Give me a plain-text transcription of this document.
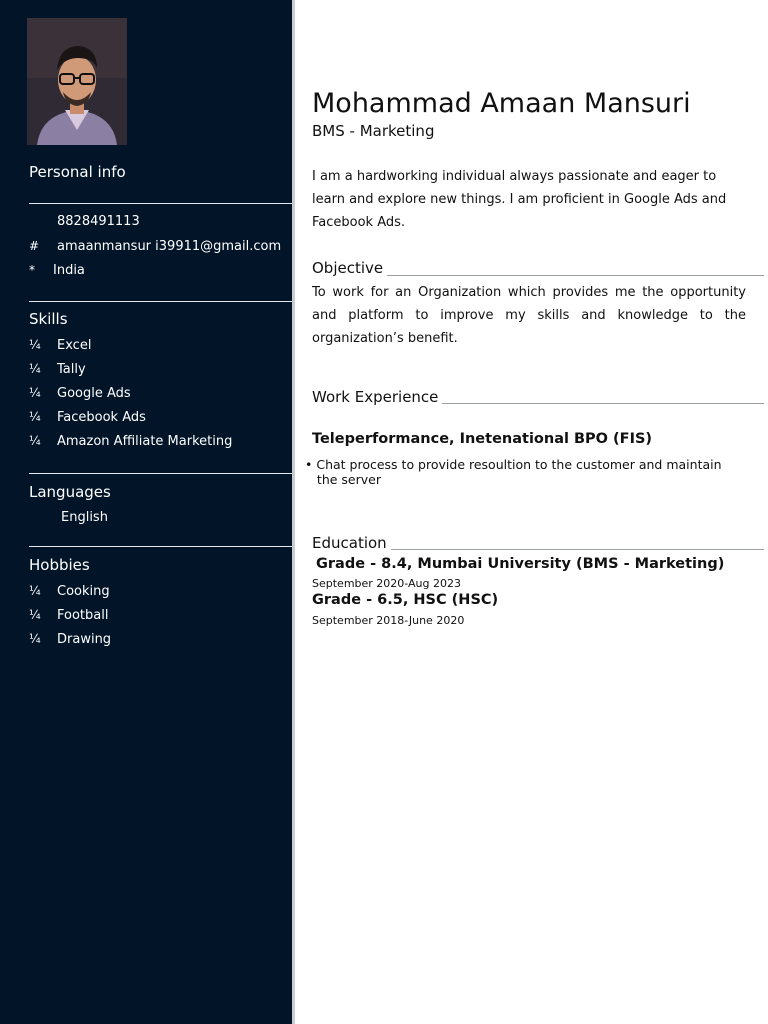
Personal info
8828491113
# amaanmansur i39911@gmail.com
* India
Skills
¼ Excel
¼ Tally
¼ Google Ads
¼ Facebook Ads
¼ Amazon Affiliate Marketing
Languages
English
Hobbies
¼ Cooking
¼ Football
¼ Drawing
Mohammad Amaan Mansuri
BMS - Marketing
I am a hardworking individual always passionate and eager to learn and explore new things. I am proficient in Google Ads and Facebook Ads.
Objective
To work for an Organization which provides me the opportunity and platform to improve my skills and knowledge to the organization’s benefit.
Work Experience
Teleperformance, Inetenational BPO (FIS)
• Chat process to provide resoultion to the customer and maintain
the server
Education
Grade - 8.4, Mumbai University (BMS - Marketing)
September 2020-Aug 2023
Grade - 6.5, HSC (HSC)
September 2018-June 2020
